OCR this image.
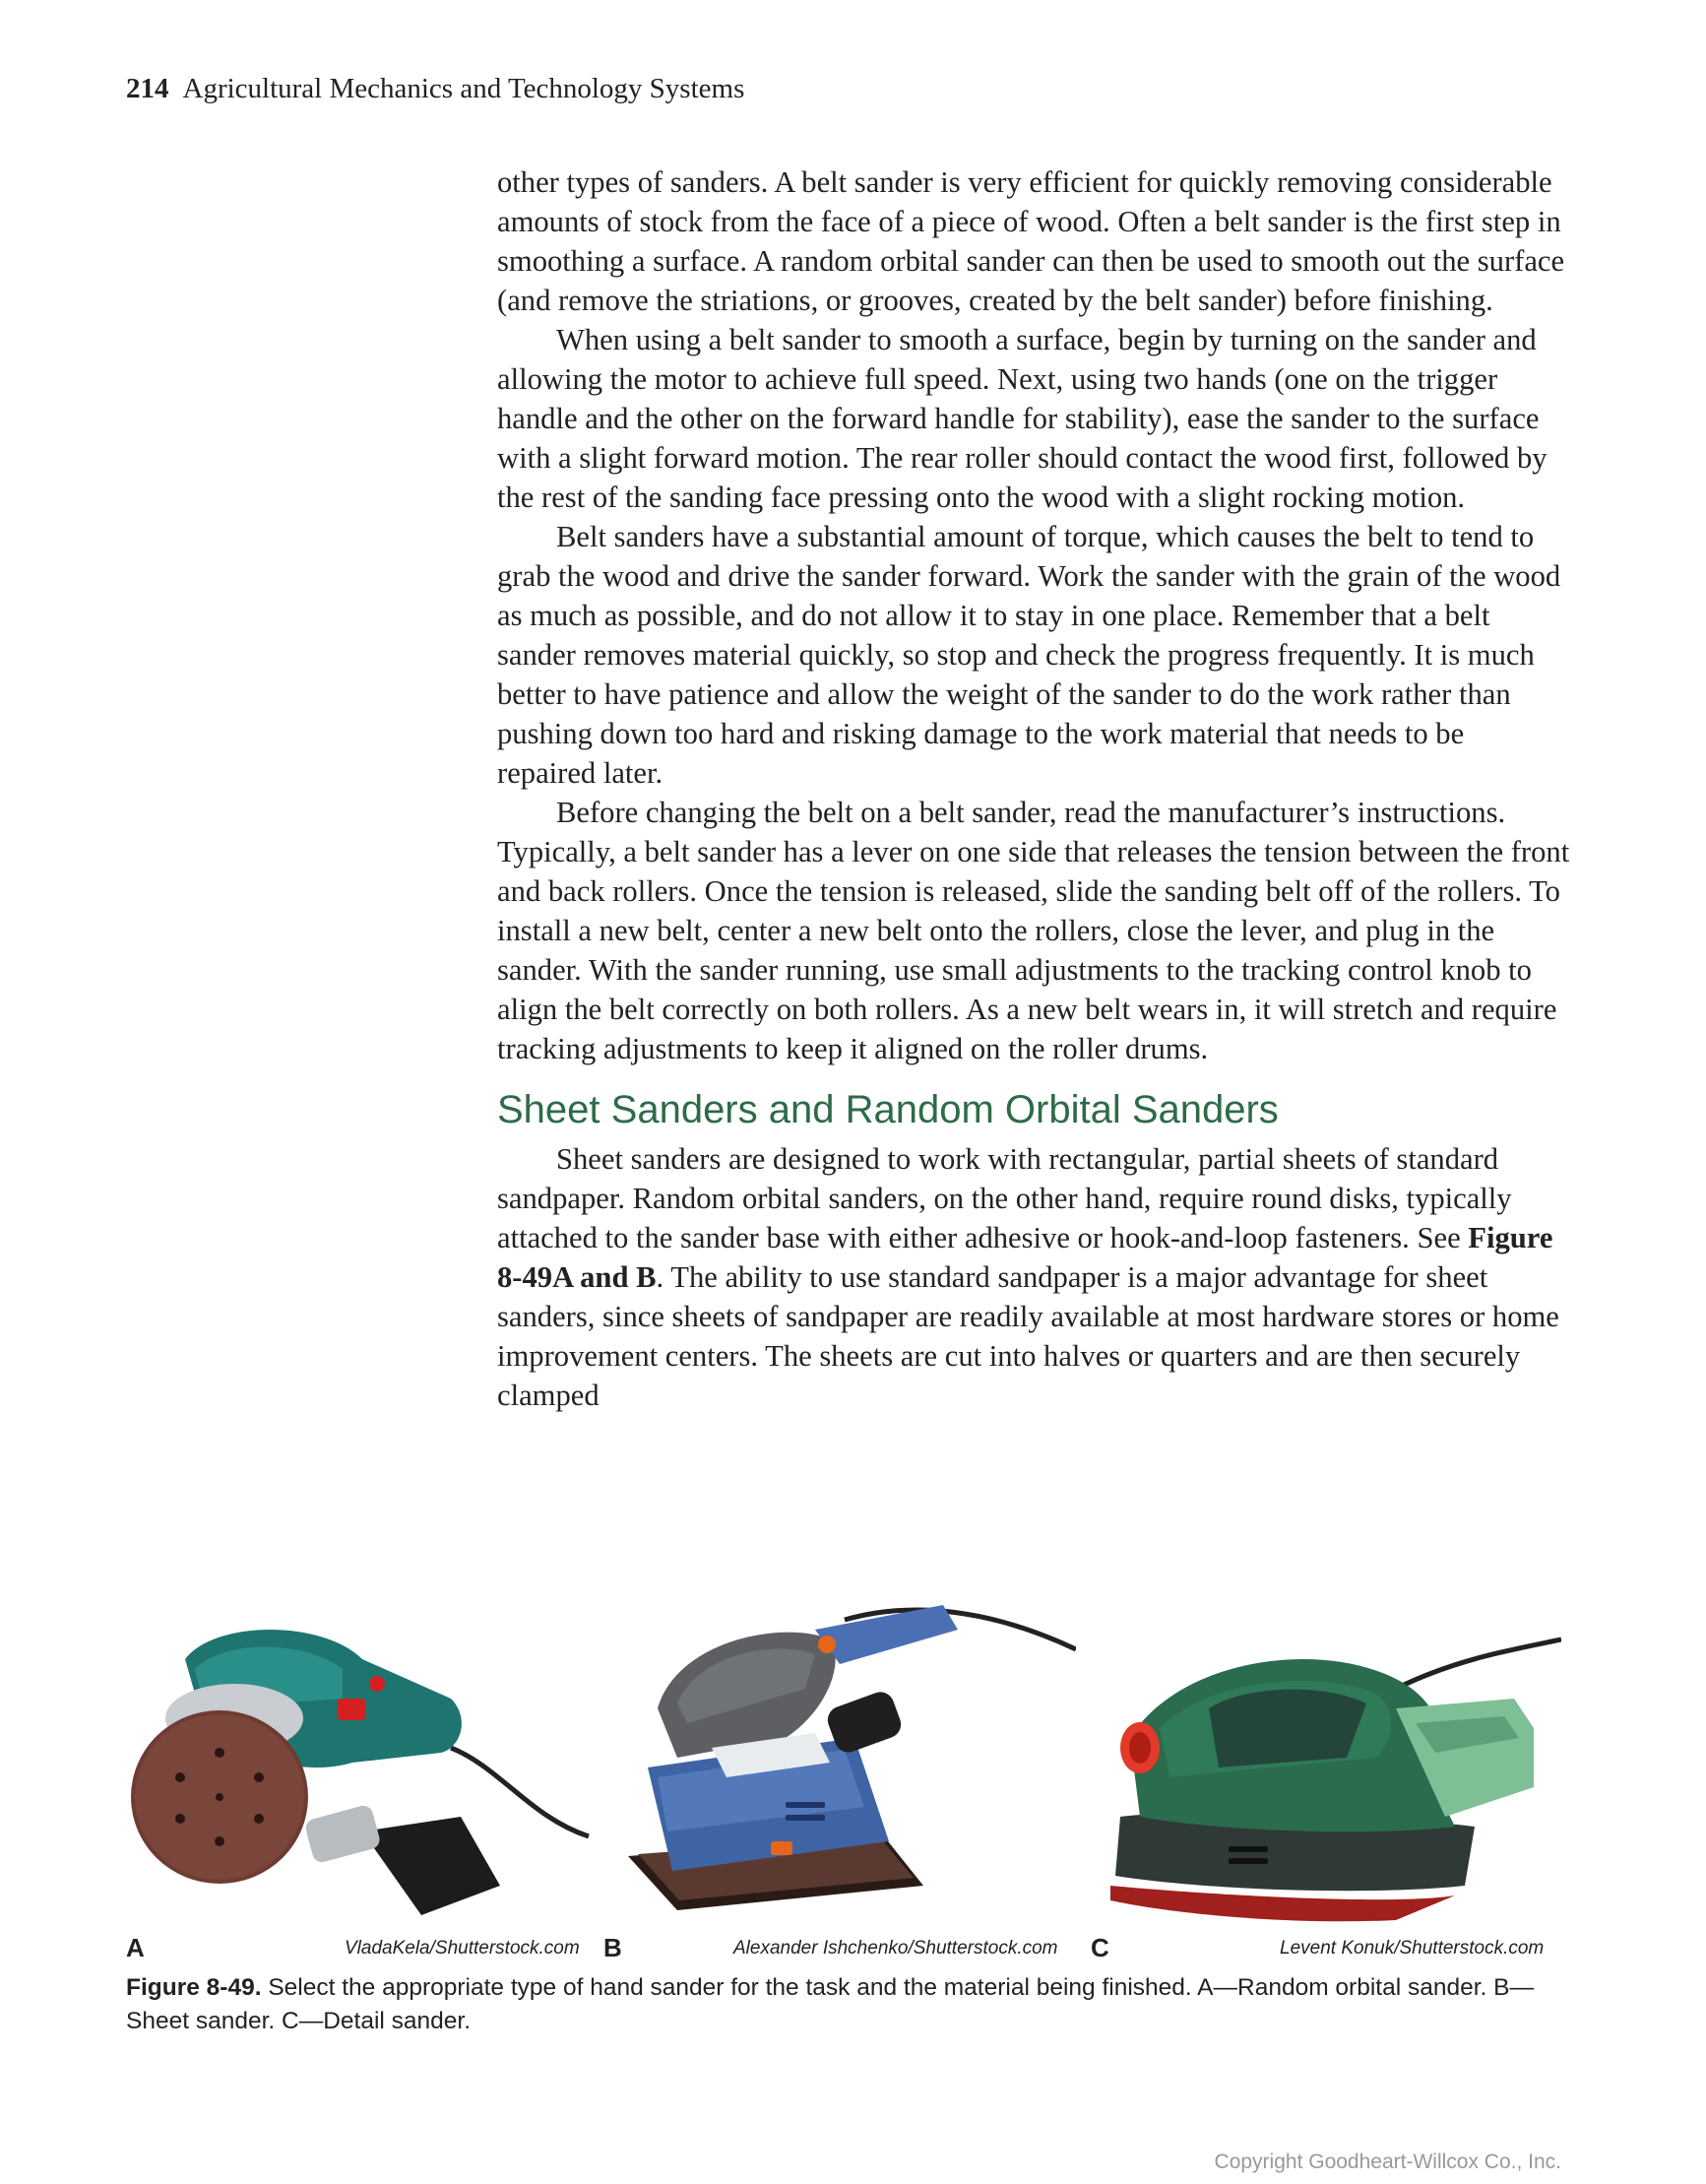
214 Agricultural Mechanics and Technology Systems

other types of sanders. A belt sander is very efficient for quickly removing considerable amounts of stock from the face of a piece of wood. Often a belt sander is the first step in smoothing a surface. A random orbital sander can then be used to smooth out the surface (and remove the striations, or grooves, created by the belt sander) before finishing.

When using a belt sander to smooth a surface, begin by turning on the sander and allowing the motor to achieve full speed. Next, using two hands (one on the trigger handle and the other on the forward handle for stability), ease the sander to the surface with a slight forward motion. The rear roller should contact the wood first, followed by the rest of the sanding face pressing onto the wood with a slight rocking motion.

Belt sanders have a substantial amount of torque, which causes the belt to tend to grab the wood and drive the sander forward. Work the sander with the grain of the wood as much as possible, and do not allow it to stay in one place. Remember that a belt sander removes material quickly, so stop and check the progress frequently. It is much better to have patience and allow the weight of the sander to do the work rather than pushing down too hard and risking damage to the work material that needs to be repaired later.

Before changing the belt on a belt sander, read the manufacturer’s instructions. Typically, a belt sander has a lever on one side that releases the tension between the front and back rollers. Once the tension is released, slide the sanding belt off of the rollers. To install a new belt, center a new belt onto the rollers, close the lever, and plug in the sander. With the sander running, use small adjustments to the tracking control knob to align the belt correctly on both rollers. As a new belt wears in, it will stretch and require tracking adjustments to keep it aligned on the roller drums.

Sheet Sanders and Random Orbital Sanders

Sheet sanders are designed to work with rectangular, partial sheets of standard sandpaper. Random orbital sanders, on the other hand, require round disks, typically attached to the sander base with either adhesive or hook-and-loop fasteners. See Figure 8-49A and B. The ability to use standard sandpaper is a major advantage for sheet sanders, since sheets of sandpaper are readily available at most hardware stores or home improvement centers. The sheets are cut into halves or quarters and are then securely clamped

A	VladaKela/Shutterstock.com B	Alexander Ishchenko/Shutterstock.com C	Levent Konuk/Shutterstock.com
Figure 8-49. Select the appropriate type of hand sander for the task and the material being finished. A—Random orbital sander. B—Sheet sander. C—Detail sander.
Copyright Goodheart-Willcox Co., Inc.
